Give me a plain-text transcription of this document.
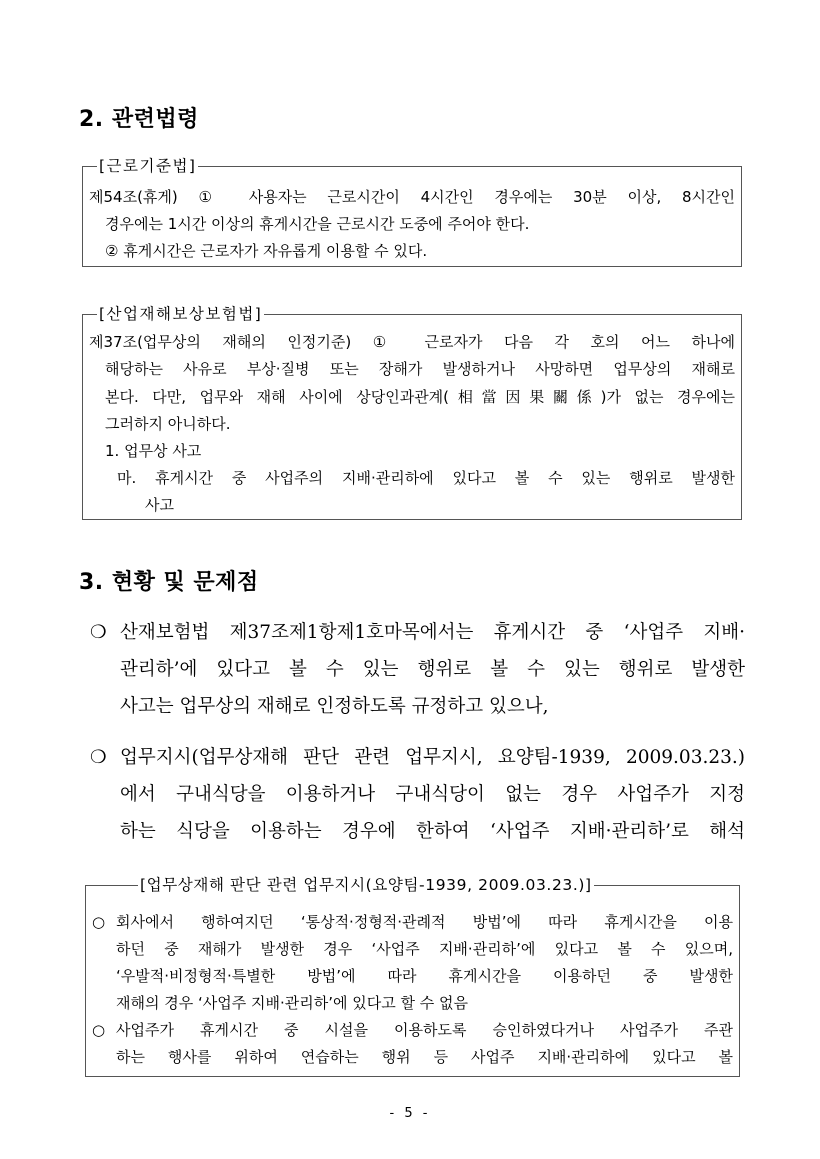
2. 관련법령
[근로기준법]
제54조(휴게) ① 사용자는 근로시간이 4시간인 경우에는 30분 이상, 8시간인
경우에는 1시간 이상의 휴게시간을 근로시간 도중에 주어야 한다.
② 휴게시간은 근로자가 자유롭게 이용할 수 있다.
[산업재해보상보험법]
제37조(업무상의 재해의 인정기준) ① 근로자가 다음 각 호의 어느 하나에
해당하는 사유로 부상·질병 또는 장해가 발생하거나 사망하면 업무상의 재해로
본다. 다만, 업무와 재해 사이에 상당인과관계(相當因果關係)가 없는 경우에는
그러하지 아니하다.
1. 업무상 사고
마. 휴게시간 중 사업주의 지배·관리하에 있다고 볼 수 있는 행위로 발생한
사고
3. 현황 및 문제점
❍ 산재보험법 제37조제1항제1호마목에서는 휴게시간 중 ‘사업주 지배·
관리하’에 있다고 볼 수 있는 행위로 볼 수 있는 행위로 발생한
사고는 업무상의 재해로 인정하도록 규정하고 있으나,
❍ 업무지시(업무상재해 판단 관련 업무지시, 요양팀-1939, 2009.03.23.)
에서 구내식당을 이용하거나 구내식당이 없는 경우 사업주가 지정
하는 식당을 이용하는 경우에 한하여 ‘사업주 지배·관리하’로 해석
[업무상재해 판단 관련 업무지시(요양팀-1939, 2009.03.23.)]
○ 회사에서 행하여지던 ‘통상적·정형적·관례적 방법’에 따라 휴게시간을 이용
하던 중 재해가 발생한 경우 ‘사업주 지배·관리하’에 있다고 볼 수 있으며,
‘우발적·비정형적·특별한 방법’에 따라 휴게시간을 이용하던 중 발생한
재해의 경우 ‘사업주 지배·관리하’에 있다고 할 수 없음
○ 사업주가 휴게시간 중 시설을 이용하도록 승인하였다거나 사업주가 주관
하는 행사를 위하여 연습하는 행위 등 사업주 지배·관리하에 있다고 볼
- 5 -
